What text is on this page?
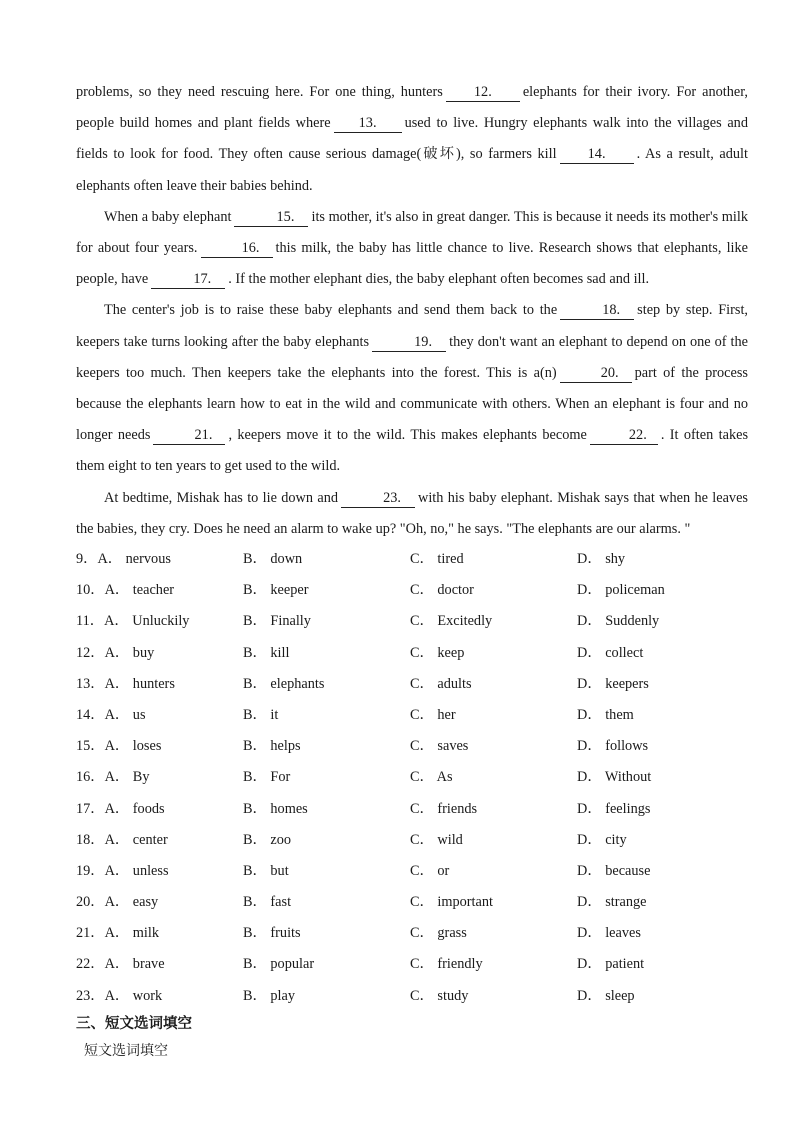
problems, so they need rescuing here. For one thing, hunters 12. elephants for their ivory. For another, people build homes and plant fields where 13. used to live. Hungry elephants walk into the villages and fields to look for food. They often cause serious damage(破坏), so farmers kill 14. . As a result, adult elephants often leave their babies behind.

When a baby elephant	15. its mother, it's also in great danger. This is because it needs its mother's milk for about four years.	16. this milk, the baby has little chance to live. Research shows that elephants, like people, have	17. . If the mother elephant dies, the baby elephant often becomes sad and ill.

The center's job is to raise these baby elephants and send them back to the	18. step by step. First, keepers take turns looking after the baby elephants	19. they don't want an elephant to depend on one of the keepers too much. Then keepers take the elephants into the forest. This is a(n)	20. part of the process because the elephants learn how to eat in the wild and communicate with others. When an elephant is four and no longer needs	21. , keepers move it to the wild. This makes elephants become	22. . It often takes them eight to ten years to get used to the wild.

At bedtime, Mishak has to lie down and	23. with his baby elephant. Mishak says that when he leaves the babies, they cry. Does he need an alarm to wake up? "Oh, no," he says. "The elephants are our alarms. "

9．A． nervous	B． down	C． tired	D． shy
10．A． teacher	B． keeper	C． doctor	D． policeman
11．A． Unluckily	B． Finally	C． Excitedly	D． Suddenly
12．A． buy	B． kill	C． keep	D． collect
13．A． hunters	B． elephants	C． adults	D． keepers
14．A． us	B． it	C． her	D． them
15．A． loses	B． helps	C． saves	D． follows
16．A． By	B． For	C． As	D． Without
17．A． foods	B． homes	C． friends	D． feelings
18．A． center	B． zoo	C． wild	D． city
19．A． unless	B． but	C． or	D． because
20．A． easy	B． fast	C． important	D． strange
21．A． milk	B． fruits	C． grass	D． leaves
22．A． brave	B． popular	C． friendly	D． patient
23．A． work	B． play	C． study	D． sleep
三、短文选词填空
短文选词填空
